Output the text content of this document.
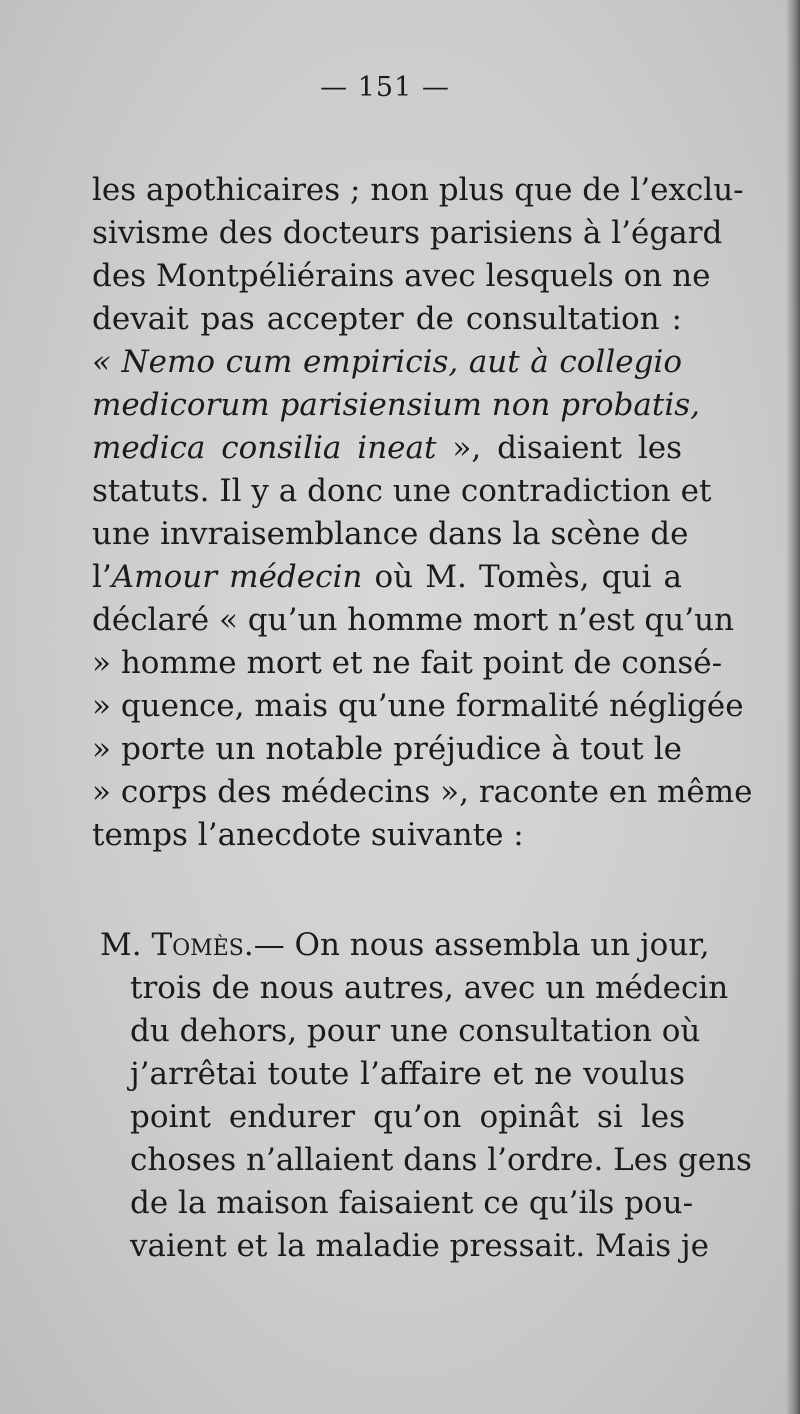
— 151 —
les apothicaires ; non plus que de l’exclu-
sivisme des docteurs parisiens à l’égard
des Montpéliérains avec lesquels on ne
devait pas accepter de consultation :
« Nemo cum empiricis, aut à collegio
medicorum parisiensium non probatis,
medica consilia ineat », disaient les
statuts. Il y a donc une contradiction et
une invraisemblance dans la scène de
l’Amour médecin où M. Tomès, qui a
déclaré « qu’un homme mort n’est qu’un
» homme mort et ne fait point de consé-
» quence, mais qu’une formalité négligée
» porte un notable préjudice à tout le
» corps des médecins », raconte en même
temps l’anecdote suivante :
M. Tomès.— On nous assembla un jour,
trois de nous autres, avec un médecin
du dehors, pour une consultation où
j’arrêtai toute l’affaire et ne voulus
point endurer qu’on opinât si les
choses n’allaient dans l’ordre. Les gens
de la maison faisaient ce qu’ils pou-
vaient et la maladie pressait. Mais je
